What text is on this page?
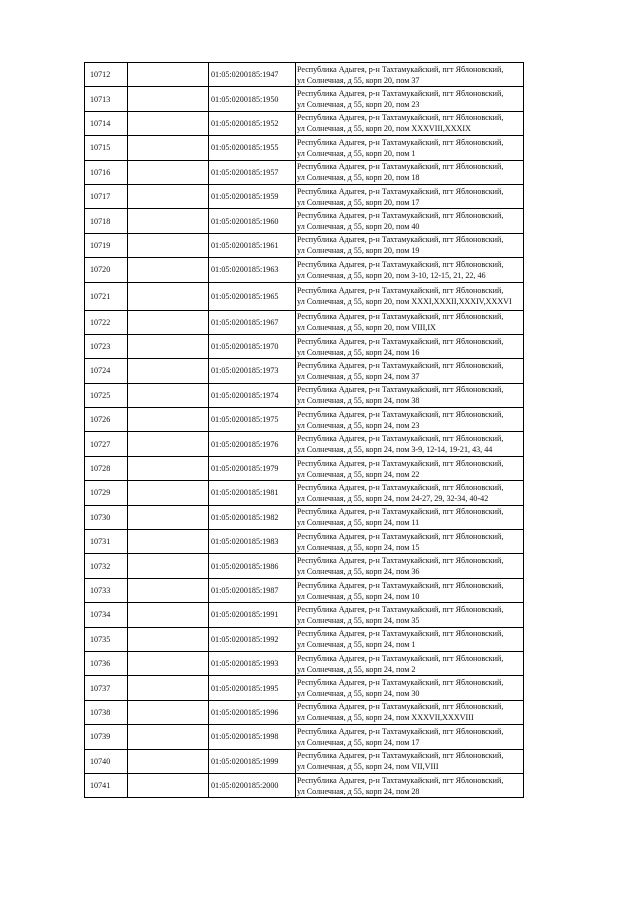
10712		01:05:0200185:1947	Республика Адыгея, р-н Тахтамукайский, пгт Яблоновский,
ул Солнечная, д 55, корп 20, пом 37

10713		01:05:0200185:1950	Республика Адыгея, р-н Тахтамукайский, пгт Яблоновский,
ул Солнечная, д 55, корп 20, пом 23

10714		01:05:0200185:1952	Республика Адыгея, р-н Тахтамукайский, пгт Яблоновский,
ул Солнечная, д 55, корп 20, пом XXXVIII,XXXIX

10715		01:05:0200185:1955	Республика Адыгея, р-н Тахтамукайский, пгт Яблоновский,
ул Солнечная, д 55, корп 20, пом 1

10716		01:05:0200185:1957	Республика Адыгея, р-н Тахтамукайский, пгт Яблоновский,
ул Солнечная, д 55, корп 20, пом 18

10717		01:05:0200185:1959	Республика Адыгея, р-н Тахтамукайский, пгт Яблоновский,
ул Солнечная, д 55, корп 20, пом 17

10718		01:05:0200185:1960	Республика Адыгея, р-н Тахтамукайский, пгт Яблоновский,
ул Солнечная, д 55, корп 20, пом 40

10719		01:05:0200185:1961	Республика Адыгея, р-н Тахтамукайский, пгт Яблоновский,
ул Солнечная, д 55, корп 20, пом 19

10720		01:05:0200185:1963	Республика Адыгея, р-н Тахтамукайский, пгт Яблоновский,
ул Солнечная, д 55, корп 20, пом 3-10, 12-15, 21, 22, 46

10721		01:05:0200185:1965	Республика Адыгея, р-н Тахтамукайский, пгт Яблоновский,
ул Солнечная, д 55, корп 20, пом XXXI,XXXII,XXXIV,XXXVI

10722		01:05:0200185:1967	Республика Адыгея, р-н Тахтамукайский, пгт Яблоновский,
ул Солнечная, д 55, корп 20, пом VIII,IX

10723		01:05:0200185:1970	Республика Адыгея, р-н Тахтамукайский, пгт Яблоновский,
ул Солнечная, д 55, корп 24, пом 16

10724		01:05:0200185:1973	Республика Адыгея, р-н Тахтамукайский, пгт Яблоновский,
ул Солнечная, д 55, корп 24, пом 37

10725		01:05:0200185:1974	Республика Адыгея, р-н Тахтамукайский, пгт Яблоновский,
ул Солнечная, д 55, корп 24, пом 38

10726		01:05:0200185:1975	Республика Адыгея, р-н Тахтамукайский, пгт Яблоновский,
ул Солнечная, д 55, корп 24, пом 23

10727		01:05:0200185:1976	Республика Адыгея, р-н Тахтамукайский, пгт Яблоновский,
ул Солнечная, д 55, корп 24, пом 3-9, 12-14, 19-21, 43, 44

10728		01:05:0200185:1979	Республика Адыгея, р-н Тахтамукайский, пгт Яблоновский,
ул Солнечная, д 55, корп 24, пом 22

10729		01:05:0200185:1981	Республика Адыгея, р-н Тахтамукайский, пгт Яблоновский,
ул Солнечная, д 55, корп 24, пом 24-27, 29, 32-34, 40-42

10730		01:05:0200185:1982	Республика Адыгея, р-н Тахтамукайский, пгт Яблоновский,
ул Солнечная, д 55, корп 24, пом 11

10731		01:05:0200185:1983	Республика Адыгея, р-н Тахтамукайский, пгт Яблоновский,
ул Солнечная, д 55, корп 24, пом 15

10732		01:05:0200185:1986	Республика Адыгея, р-н Тахтамукайский, пгт Яблоновский,
ул Солнечная, д 55, корп 24, пом 36

10733		01:05:0200185:1987	Республика Адыгея, р-н Тахтамукайский, пгт Яблоновский,
ул Солнечная, д 55, корп 24, пом 10

10734		01:05:0200185:1991	Республика Адыгея, р-н Тахтамукайский, пгт Яблоновский,
ул Солнечная, д 55, корп 24, пом 35

10735		01:05:0200185:1992	Республика Адыгея, р-н Тахтамукайский, пгт Яблоновский,
ул Солнечная, д 55, корп 24, пом 1

10736		01:05:0200185:1993	Республика Адыгея, р-н Тахтамукайский, пгт Яблоновский,
ул Солнечная, д 55, корп 24, пом 2

10737		01:05:0200185:1995	Республика Адыгея, р-н Тахтамукайский, пгт Яблоновский,
ул Солнечная, д 55, корп 24, пом 30

10738		01:05:0200185:1996	Республика Адыгея, р-н Тахтамукайский, пгт Яблоновский,
ул Солнечная, д 55, корп 24, пом XXXVII,XXXVIII

10739		01:05:0200185:1998	Республика Адыгея, р-н Тахтамукайский, пгт Яблоновский,
ул Солнечная, д 55, корп 24, пом 17

10740		01:05:0200185:1999	Республика Адыгея, р-н Тахтамукайский, пгт Яблоновский,
ул Солнечная, д 55, корп 24, пом VII,VIII

10741		01:05:0200185:2000	Республика Адыгея, р-н Тахтамукайский, пгт Яблоновский,
ул Солнечная, д 55, корп 24, пом 28
